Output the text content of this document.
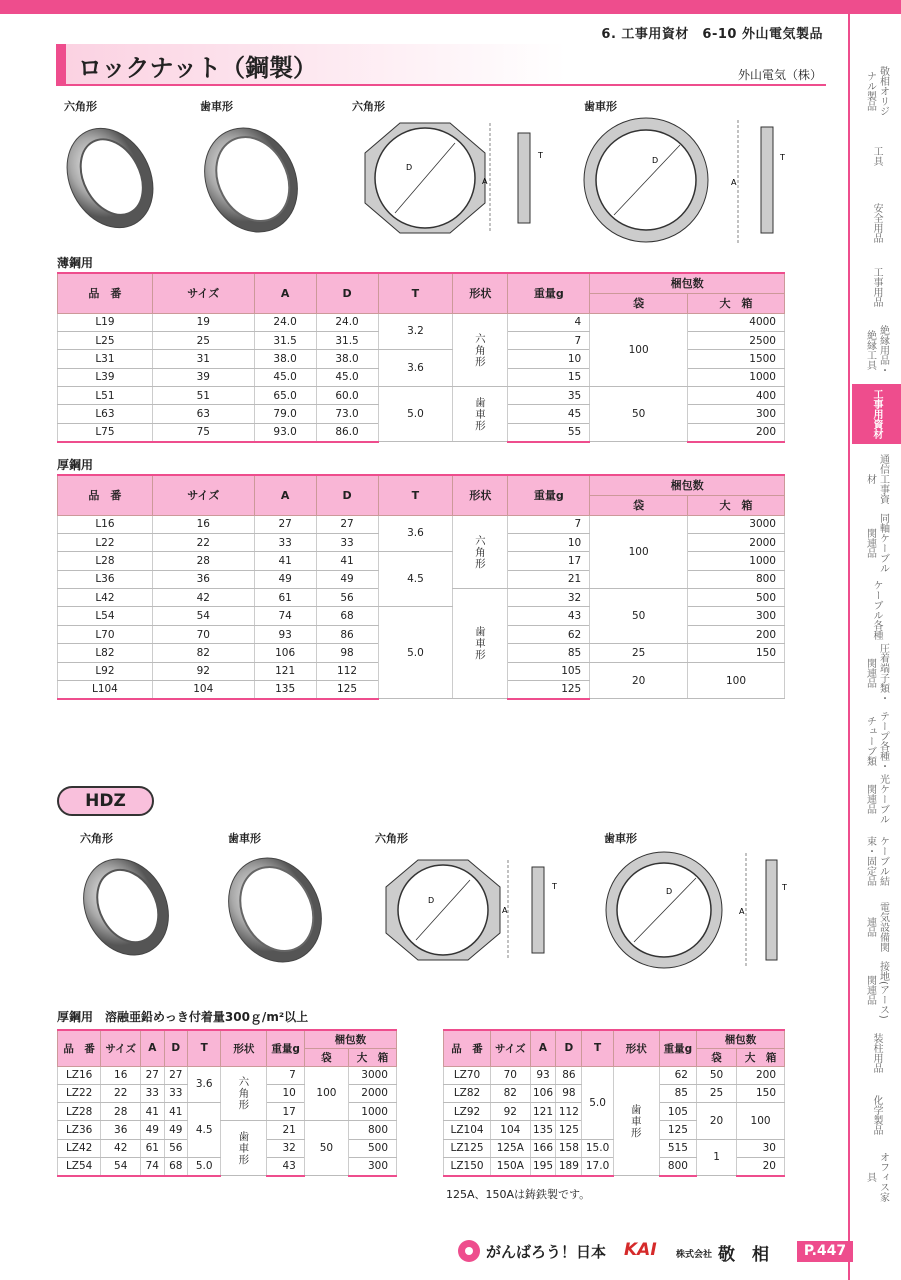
6. 工事用資材　6-10 外山電気製品
ロックナット（鋼製）	外山電気（株）
六角形	歯車形	六角形	歯車形
D
A
T
D
A
T
薄鋼用
品　番	サイズ	A	D	T	形状	重量g	梱包数	
							袋	大　箱
L19	19	24.0	24.0	3.2	六角形	4	100	4000
L25	25	31.5	31.5			7		2500
L31	31	38.0	38.0	3.6		10		1500
L39	39	45.0	45.0			15		1000
L51	51	65.0	60.0	5.0	歯車形	35	50	400
L63	63	79.0	73.0			45		300
L75	75	93.0	86.0			55		200
厚鋼用
品　番	サイズ	A	D	T	形状	重量g	梱包数	
							袋	大　箱
L16	16	27	27	3.6	六角形	7	100	3000
L22	22	33	33			10		2000
L28	28	41	41	4.5		17		1000
L36	36	49	49			21		800
L42	42	61	56		歯車形	32	50	500
L54	54	74	68	5.0		43		300
L70	70	93	86			62		200
L82	82	106	98			85	25	150
L92	92	121	112			105	20	100
L104	104	135	125			125		
HDZ
六角形	歯車形	六角形	歯車形
D
A
T
D
A
T
厚鋼用　溶融亜鉛めっき付着量300ｇ/m²以上
品　番	サイズ	A	D	T	形状	重量g	梱包数	
							袋	大　箱
LZ16	16	27	27	3.6	六角形	7	100	3000
LZ22	22	33	33			10		2000
LZ28	28	41	41	4.5		17		1000
LZ36	36	49	49		歯車形	21	50	800
LZ42	42	61	56			32		500
LZ54	54	74	68	5.0		43		300
品　番	サイズ	A	D	T	形状	重量g	梱包数	
							袋	大　箱
LZ70	70	93	86	5.0	歯車形	62	50	200
LZ82	82	106	98			85	25	150
LZ92	92	121	112			105	20	100
LZ104	104	135	125			125		
LZ125	125A	166	158	15.0		515	1	30
LZ150	150A	195	189	17.0		800		20
125A、150Aは鋳鉄製です。
敬相オリジナル製品
工具
安全用品
工事用品
絶縁用品・絶縁工具
工事用資材
通信工事資材
同軸ケーブル関連品
ケーブル各種
圧着端子類・関連品
テープ各種・チューブ類
光ケーブル関連品
ケーブル結束・固定品
電気設備関連品
接地(アース)関連品
装柱用品
化学製品
オフィス家具
がんばろう！日本 KAI 株式会社 敬　相	P.447
